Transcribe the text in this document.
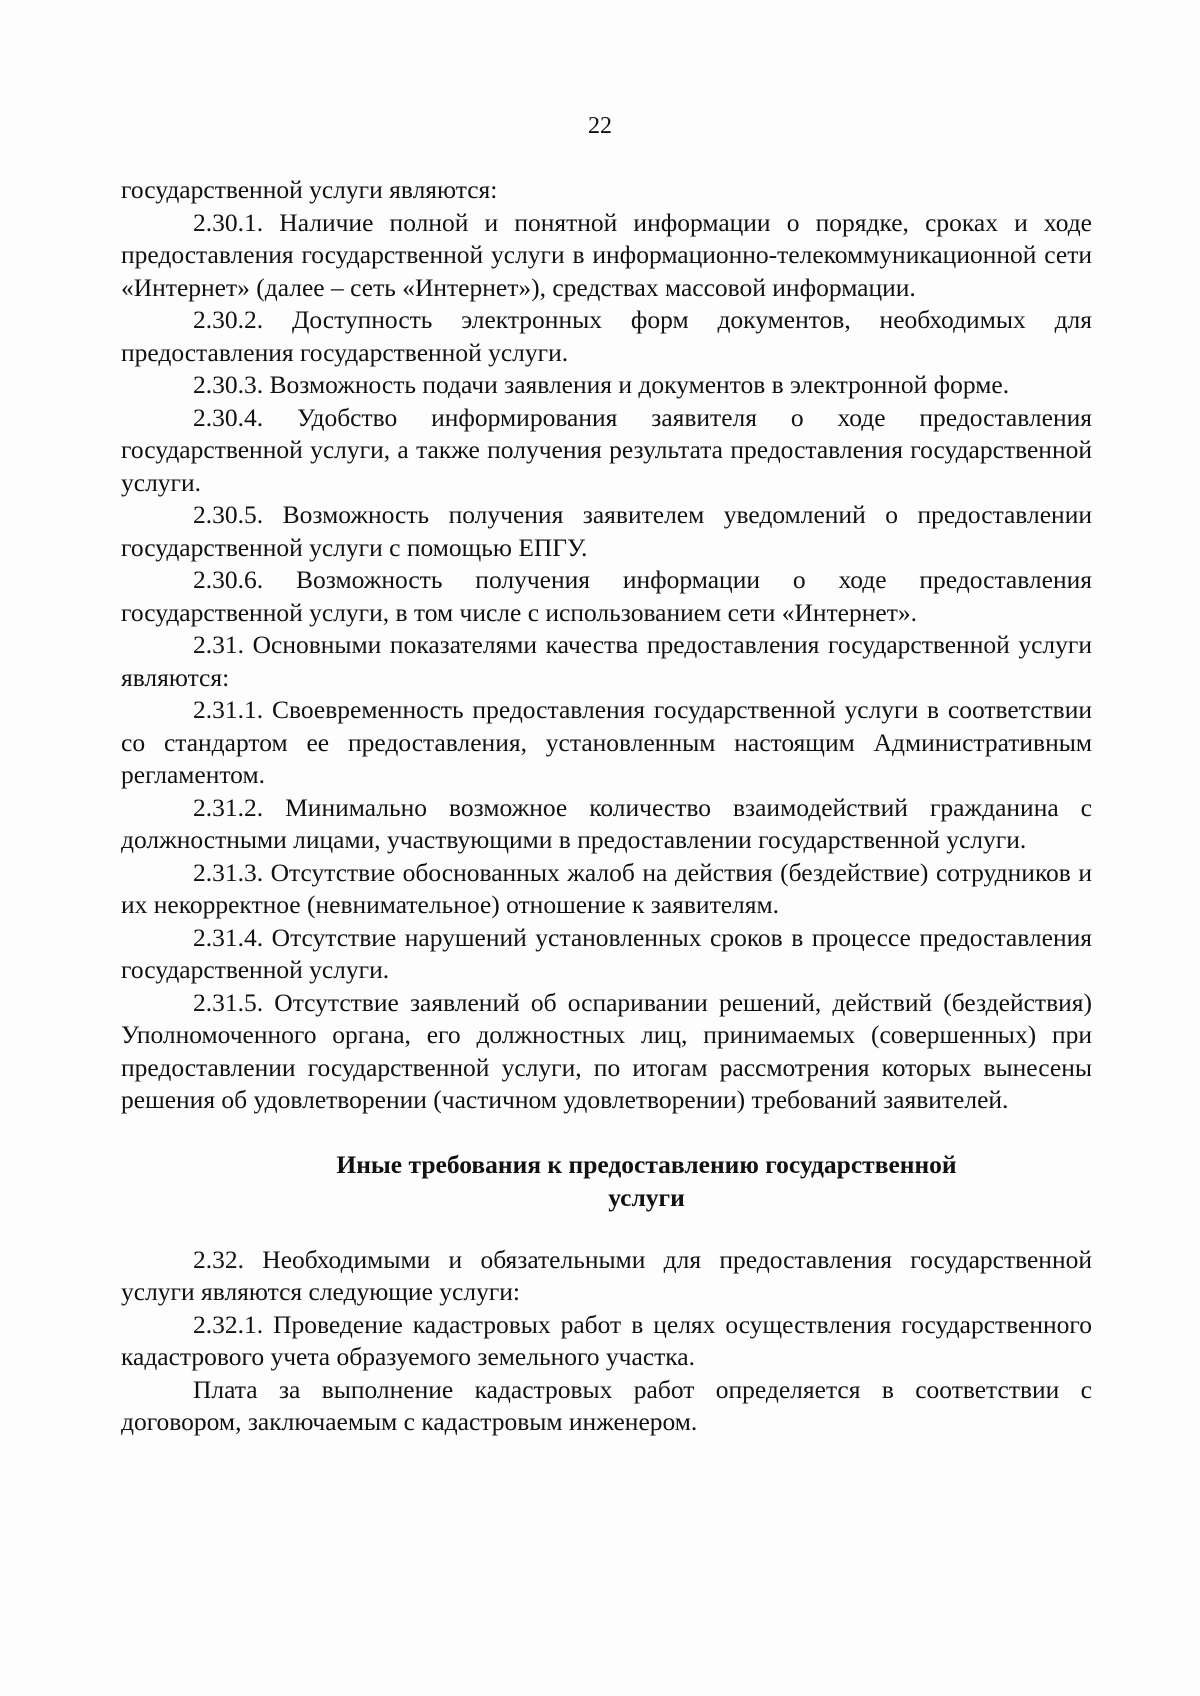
22

государственной услуги являются:

2.30.1. Наличие полной и понятной информации о порядке, сроках и ходе предоставления государственной услуги в информационно-телекоммуникационной сети «Интернет» (далее – сеть «Интернет»), средствах массовой информации.

2.30.2. Доступность электронных форм документов, необходимых для предоставления государственной услуги.

2.30.3. Возможность подачи заявления и документов в электронной форме.

2.30.4. Удобство информирования заявителя о ходе предоставления государственной услуги, а также получения результата предоставления государственной услуги.

2.30.5. Возможность получения заявителем уведомлений о предоставлении государственной услуги с помощью ЕПГУ.

2.30.6. Возможность получения информации о ходе предоставления государственной услуги, в том числе с использованием сети «Интернет».

2.31. Основными показателями качества предоставления государственной услуги являются:

2.31.1. Своевременность предоставления государственной услуги в соответствии со стандартом ее предоставления, установленным настоящим Административным регламентом.

2.31.2. Минимально возможное количество взаимодействий гражданина с должностными лицами, участвующими в предоставлении государственной услуги.

2.31.3. Отсутствие обоснованных жалоб на действия (бездействие) сотрудников и их некорректное (невнимательное) отношение к заявителям.

2.31.4. Отсутствие нарушений установленных сроков в процессе предоставления государственной услуги.

2.31.5. Отсутствие заявлений об оспаривании решений, действий (бездействия) Уполномоченного органа, его должностных лиц, принимаемых (совершенных) при предоставлении государственной услуги, по итогам рассмотрения которых вынесены решения об удовлетворении (частичном удовлетворении) требований заявителей.

Иные требования к предоставлению государственной
услуги

2.32. Необходимыми и обязательными для предоставления государственной услуги являются следующие услуги:

2.32.1. Проведение кадастровых работ в целях осуществления государственного кадастрового учета образуемого земельного участка.

Плата за выполнение кадастровых работ определяется в соответствии с договором, заключаемым с кадастровым инженером.
